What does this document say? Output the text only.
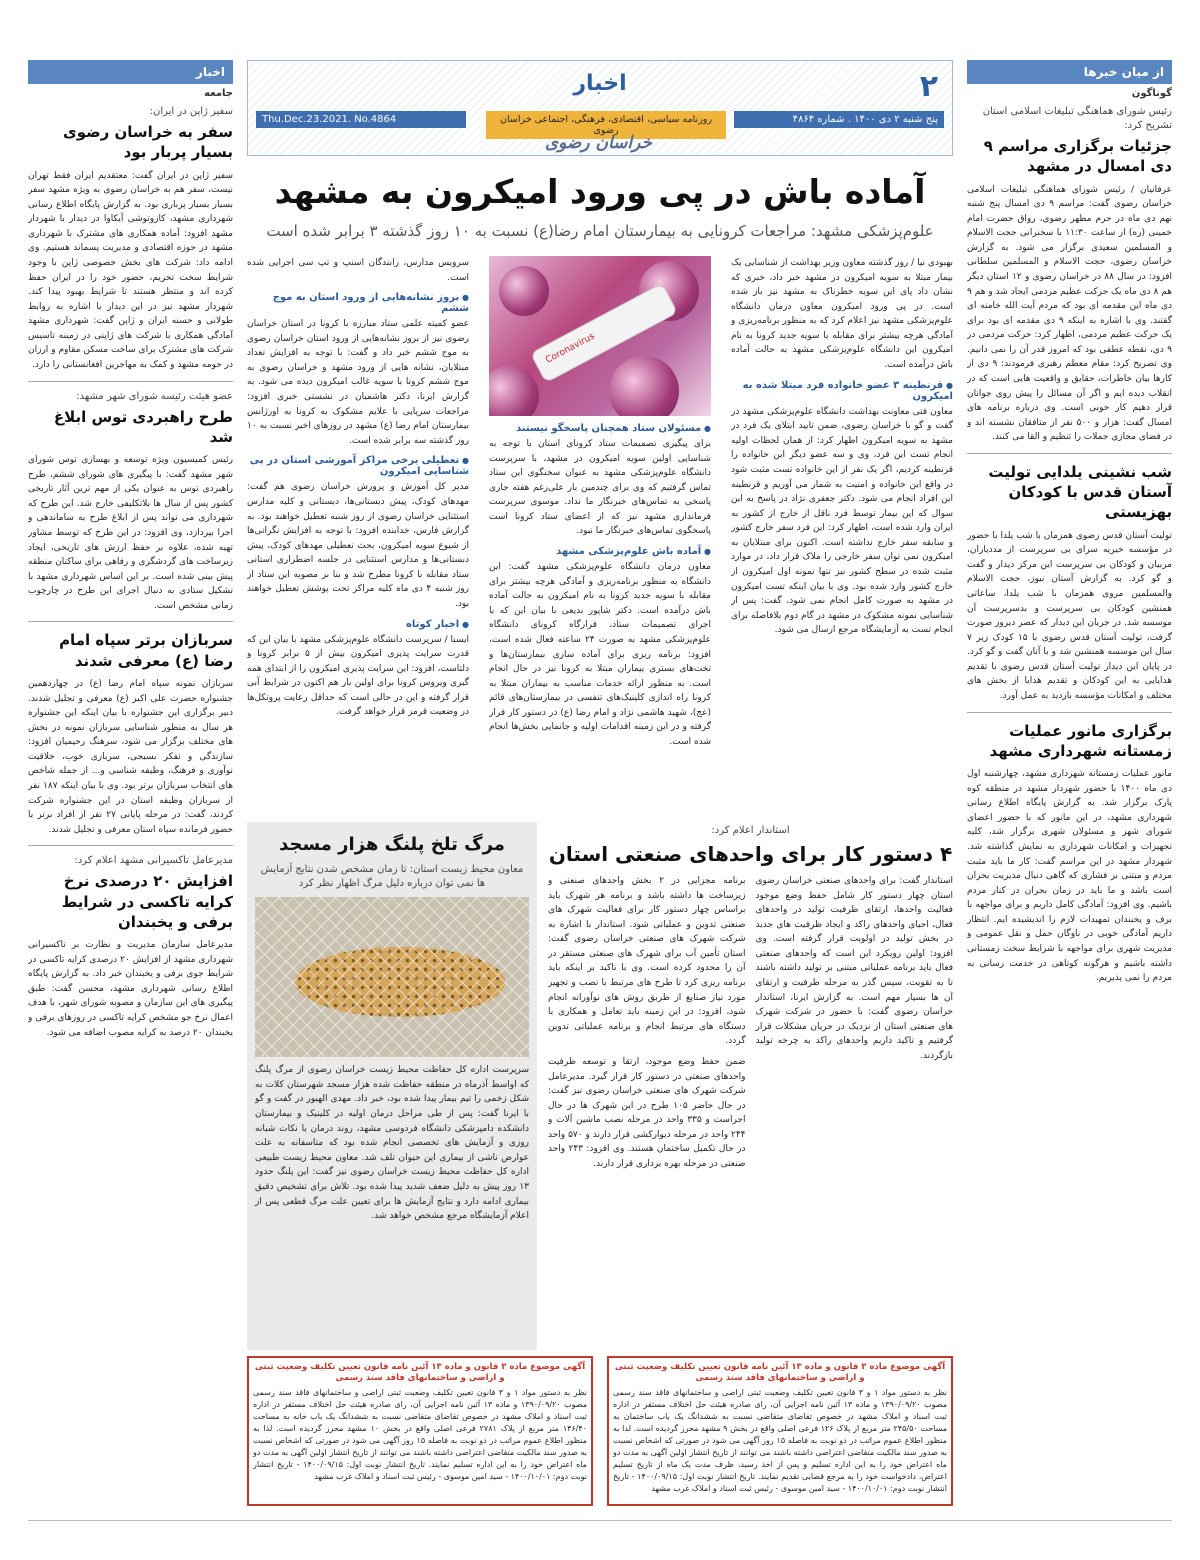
از میان خبرها
گوناگون
رئیس شورای هماهنگی تبلیغات اسلامی استان تشریح کرد:
جزئیات برگزاری مراسم ۹ دی امسال در مشهد
عرفانیان / رئیس شورای هماهنگی تبلیغات اسلامی خراسان رضوی گفت: مراسم ۹ دی امسال پنج شنبه نهم دی ماه در حرم مطهر رضوی، رواق حضرت امام خمینی (ره) از ساعت ۱۱:۳۰ با سخنرانی حجت الاسلام و المسلمین سعیدی برگزار می شود. به گزارش خراسان رضوی، حجت الاسلام و المسلمین سلطانی افزود: در سال ۸۸ در خراسان رضوی و ۱۲ استان دیگر هم ۸ دی ماه یک حرکت عظیم مردمی ایجاد شد و هم ۹ دی ماه این مقدمه ای بود که مردم آیت الله خامنه ای گفتند. وی با اشاره به اینکه ۹ دی مقدمه ای بود برای یک حرکت عظیم مردمی، اظهار کرد: حرکت مردمی در ۹ دی، نقطه عطفی بود که امروز قدر آن را نمی دانیم. وی تصریح کرد: مقام معظم رهبری فرمودند: ۹ دی از کارها بیان خاطرات، حقایق و واقعیت هایی است که در انقلاب دیده ایم و اگر آن مسائل را پیش روی جوانان قرار دهیم کار خوبی است. وی درباره برنامه های امسال گفت: هزار و ۵۰۰ نفر از متافقان نشسته اند و در فضای مجازی جملات را تنظیم و القا می کنند.
شب نشینی یلدایی تولیت آستان قدس با کودکان بهزیستی
تولیت آستان قدس رضوی همزمان با شب یلدا با حضور در مؤسسه خیریه سرای بی سرپرست از مددیاران، مربیان و کودکان بی سرپرست این مرکز دیدار و گفت و گو کرد. به گزارش آستان نیوز، حجت الاسلام والمسلمین مروی همزمان با شب یلدا، ساعاتی همنشین کودکان بی سرپرست و بدسرپرست آن موسسه شد. در جریان این دیدار که عصر دیروز صورت گرفت، تولیت آستان قدس رضوی با ۱۵ کودک زیر ۷ سال این موسسه همنشین شد و با آنان گفت و گو کرد. در پایان این دیدار تولیت آستان قدس رضوی با تقدیم هدایایی به این کودکان و تقدیم هدایا از بخش های مختلف و امکانات مؤسسه بازدید به عمل آورد.
برگزاری مانور عملیات زمستانه شهرداری مشهد
مانور عملیات زمستانه شهرداری مشهد، چهارشنبه اول دی ماه ۱۴۰۰ با حضور شهردار مشهد در منطقه کوه پارک برگزار شد. به گزارش پایگاه اطلاع رسانی شهرداری مشهد، در این مانور که با حضور اعضای شورای شهر و مسئولان شهری برگزار شد، کلیه تجهیزات و امکانات شهرداری به نمایش گذاشته شد. شهردار مشهد در این مراسم گفت: کار ما باید مثبت مردم و مبتنی بر فشاری که گاهی دنبال مدیریت بحران است باشد و ما باید در زمان بحران در کنار مردم باشیم. وی افزود: آمادگی کامل داریم و برای مواجهه با برف و یخبندان تمهیدات لازم را اندیشیده ایم. انتظار داریم آمادگی خوبی در ناوگان حمل و نقل عمومی و مدیریت شهری برای مواجهه با شرایط سخت زمستانی داشته باشیم و هرگونه کوتاهی در خدمت رسانی به مردم را نمی پذیریم.
اخبار
جامعه
سفیر ژاپن در ایران:
سفر به خراسان رضوی بسیار پربار بود
سفیر ژاپن در ایران گفت: معتقدیم ایران فقط تهران نیست، سفر هم به خراسان رضوی به ویژه مشهد سفر بسیار بسیار پرباری بود. به گزارش پایگاه اطلاع رسانی شهرداری مشهد، کازوتوشی آیکاوا در دیدار با شهردار مشهد افزود: آماده همکاری های مشترک با شهرداری مشهد در حوزه اقتصادی و مدیریت پسماند هستیم. وی ادامه داد: شرکت های بخش خصوصی ژاپن با وجود شرایط سخت تحریم، حضور خود را در ایران حفظ کرده اند و منتظر هستند تا شرایط بهبود پیدا کند. شهردار مشهد نیز در این دیدار با اشاره به روابط طولانی و حسنه ایران و ژاپن گفت: شهرداری مشهد آمادگی همکاری با شرکت های ژاپنی در زمینه تاسیس شرکت های مشترک برای ساخت مسکن مقاوم و ارزان در حومه مشهد و کمک به مهاجرین افغانستانی را دارد.
عضو هیئت رئیسه شورای شهر مشهد:
طرح راهبردی توس ابلاغ شد
رئیس کمیسیون ویژه توسعه و بهسازی توس شورای شهر مشهد گفت: با پیگیری های شورای ششم، طرح راهبردی توس به عنوان یکی از مهم ترین آثار تاریخی کشور پس از سال ها بلاتکلیفی خارج شد. این طرح که شهرداری می تواند پس از ابلاغ طرح به ساماندهی و اجرا بپردازد، وی افزود: در این طرح که توسط مشاور تهیه شده، علاوه بر حفظ ارزش های تاریخی، ایجاد زیرساخت های گردشگری و رفاهی برای ساکنان منطقه پیش بینی شده است. بر این اساس شهرداری مشهد با تشکیل ستادی به دنبال اجرای این طرح در چارچوب زمانی مشخص است.
سربازان برتر سپاه امام رضا (ع) معرفی شدند
سربازان نمونه سپاه امام رضا (ع) در چهاردهمین جشنواره حضرت علی اکبر (ع) معرفی و تجلیل شدند. دبیر برگزاری این جشنواره با بیان اینکه این جشنواره هر سال به منظور شناسایی سربازان نمونه در بخش های مختلف برگزار می شود، سرهنگ رحیمیان افزود: سازندگی و تفکر بسیجی، سربازی خوب، خلاقیت نوآوری و فرهنگ، وظیفه شناسی و... از جمله شاخص های انتخاب سربازان برتر بود. وی با بیان اینکه ۱۸۷ نفر از سربازان وظیفه استان در این جشنواره شرکت کردند، گفت: در مرحله پایانی ۲۷ نفر از افراد برتر با حضور فرمانده سپاه استان معرفی و تجلیل شدند.
مدیرعامل تاکسیرانی مشهد اعلام کرد:
افزایش ۲۰ درصدی نرخ کرایه تاکسی در شرایط برفی و یخبندان
مدیرعامل سازمان مدیریت و نظارت بر تاکسیرانی شهرداری مشهد از افزایش ۲۰ درصدی کرایه تاکسی در شرایط جوی برفی و یخبندان خبر داد. به گزارش پایگاه اطلاع رسانی شهرداری مشهد، محسن گفت: طبق پیگیری های این سازمان و مصوبه شورای شهر، با هدف اعمال نرخ جو مشخص کرایه تاکسی در روزهای برفی و یخبندان ۲۰ درصد به کرایه مصوب اضافه می شود.
۲
اخبار
پنج شنبه ۲ دی ۱۴۰۰ . شماره ۴۸۶۴
روزنامه سیاسی، اقتصادی، فرهنگی، اجتماعی خراسان رضوی
Thu.Dec.23.2021. No.4864
خراسان رضوی
آماده باش در پی ورود امیکرون به مشهد
علوم‌پزشکی مشهد: مراجعات کرونایی به بیمارستان امام رضا(ع) نسبت به ۱۰ روز گذشته ۳ برابر شده است
بهبودی نیا / روز گذشته معاون وزیر بهداشت از شناسایی یک بیمار مبتلا به سویه امیکرون در مشهد خبر داد، خبری که نشان داد پای این سویه خطرناک به مشهد نیز باز شده است. در پی ورود امیکرون معاون درمان دانشگاه علوم‌پزشکی مشهد نیز اعلام کرد که به منظور برنامه‌ریزی و آمادگی هرچه بیشتر برای مقابله با سویه جدید کرونا به نام امیکرون این دانشگاه علوم‌پزشکی مشهد به حالت آماده باش درآمده است.
● قرنطینه ۳ عضو خانواده فرد مبتلا شده به امیکرون
معاون فنی معاونت بهداشت دانشگاه علوم‌پزشکی مشهد در گفت و گو با خراسان رضوی، ضمن تایید ابتلای یک فرد در مشهد به سویه امیکرون اظهار کرد: از همان لحظات اولیه انجام تست این فرد، وی و سه عضو دیگر این خانواده را قرنطینه کردیم، اگر یک نفر از این خانواده تست مثبت شود در واقع این خانواده و امنیت به شمار می آوریم و قرنطینه این افراد انجام می شود. دکتر جعفری نژاد در پاسخ به این سوال که این بیمار توسط فرد ناقل از خارج از کشور به ایران وارد شده است، اظهار کرد: این فرد سفر خارج کشور و سابقه سفر خارج نداشته است. اکنون برای مبتلایان به امیکرون نمی توان سفر خارجی را ملاک قرار داد، در موارد مثبت شده در سطح کشور نیز تنها نمونه اول امیکرون از خارج کشور وارد شده بود. وی با بیان اینکه تست امیکرون در مشهد به صورت کامل انجام نمی شود، گفت: پس از شناسایی نمونه مشکوک در مشهد در گام دوم بلافاصله برای انجام تست به آزمایشگاه مرجع ارسال می شود.
Coronavirus
● مسئولان ستاد همچنان پاسخگو نیستند
برای پیگیری تصمیمات ستاد کرونای استان با توجه به شناسایی اولین سویه امیکرون در مشهد، با سرپرست دانشگاه علوم‌پزشکی مشهد به عنوان سخنگوی این ستاد تماس گرفتیم که وی برای چندمین بار علی‌رغم هفته جاری پاسخی به تماس‌های خبرنگار ما نداد. موسوی سرپرست فرمانداری مشهد نیز که از اعضای ستاد کرونا است پاسخگوی تماس‌های خبرنگار ما نبود.
● آماده باش علوم‌پزشکی مشهد
معاون درمان دانشگاه علوم‌پزشکی مشهد گفت: این دانشگاه به منظور برنامه‌ریزی و آمادگی هرچه بیشتر برای مقابله با سویه جدید کرونا به نام امیکرون به حالت آماده باش درآمده است. دکتر شاپور بدیعی با بیان این که با اجرای تصمیمات ستاد، قرارگاه کرونای دانشگاه علوم‌پزشکی مشهد به صورت ۲۴ ساعته فعال شده است، افزود: برنامه ریزی برای آماده سازی بیمارستان‌ها و تخت‌های بستری بیماران مبتلا به کرونا نیز در حال انجام است. به منظور ارائه خدمات مناسب به بیماران مبتلا به کرونا راه اندازی کلینیک‌های تنفسی در بیمارستان‌های قائم (عج)، شهید هاشمی نژاد و امام رضا (ع) در دستور کار قرار گرفته و در این زمینه اقدامات اولیه و جانمایی بخش‌ها انجام شده است.
سرویس مدارس، رانندگان اسنپ و تپ سی اجرایی شده است.
● بروز نشانه‌هایی از ورود استان به موج ششم
عضو کمیته علمی ستاد مبارزه با کرونا در استان خراسان رضوی نیز از بروز نشانه‌هایی از ورود استان خراسان رضوی به موج ششم خبر داد و گفت: با توجه به افزایش تعداد مبتلایان، نشانه هایی از ورود مشهد و خراسان رضوی به موج ششم کرونا با سویه غالب امیکرون دیده می شود. به گزارش ایرنا، دکتر هاشمیان در نشستی خبری افزود: مراجعات سرپایی با علایم مشکوک به کرونا به اورژانس بیمارستان امام رضا (ع) مشهد در روزهای اخیر نسبت به ۱۰ روز گذشته سه برابر شده است.
● تعطیلی برخی مراکز آموزشی استان در پی شناسایی امیکرون
مدیر کل آموزش و پرورش خراسان رضوی هم گفت: مهدهای کودک، پیش دبستانی‌ها، دبستانی و کلیه مدارس استثنایی خراسان رضوی از روز شنبه تعطیل خواهند بود. به گزارش فارس، خدابنده افزود: با توجه به افزایش نگرانی‌ها از شیوع سویه امیکرون، بحث تعطیلی مهدهای کودک، پیش دبستانی‌ها و مدارس استثنایی در جلسه اضطراری استانی ستاد مقابله با کرونا مطرح شد و بنا بر مصوبه این ستاد از روز شنبه ۴ دی ماه کلیه مراکز تحت پوشش تعطیل خواهند بود.
● اخبار کوتاه
ایسنا / سرپرست دانشگاه علوم‌پزشکی مشهد با بیان این که قدرت سرایت پذیری امیکرون بیش از ۵ برابر کرونا و دلتاست، افزود: این سرایت پذیری امیکرون را از ابتدای همه گیری ویروس کرونا برای اولین بار هم اکنون در شرایط آبی قرار گرفته و این در حالی است که حداقل رعایت پروتکل‌ها در وضعیت قرمز قرار خواهد گرفت.
استاندار اعلام کرد:
۴ دستور کار برای واحدهای صنعتی استان
استاندار گفت: برای واحدهای صنعتی خراسان رضوی استان چهار دستور کار شامل حفظ وضع موجود فعالیت واحدها، ارتقای ظرفیت تولید در واحدهای فعال، احیای واحدهای راکد و ایجاد ظرفیت های جدید در بخش تولید در اولویت قرار گرفته است. وی افزود: اولین رویکرد این است که واحدهای صنعتی فعال باید برنامه عملیاتی مبتنی بر تولید داشته باشند تا به تقویت، سپس گذر به مرحله ظرفیت و ارتقای آن ها بسیار مهم است. به گزارش ایرنا، استاندار خراسان رضوی گفت: با حضور در شرکت شهرک های صنعتی استان از نزدیک در جریان مشکلات قرار گرفتیم و تاکید داریم واحدهای راکد به چرخه تولید بازگردند.
برنامه مجزایی در ۲ بخش واحدهای صنعتی و زیرساخت ها داشته باشد و برنامه هر شهرک باید براساس چهار دستور کار برای فعالیت شهرک های صنعتی تدوین و عملیاتی شود. استاندار با اشاره به شرکت شهرک های صنعتی خراسان رضوی گفت: استان تأمین آب برای شهرک های صنعتی مستقر در آن را محدود کرده است. وی با تاکید بر اینکه باید برنامه ریزی کرد تا طرح های مرتبط با نصب و تجهیز مورد نیاز صنایع از طریق روش های نوآورانه انجام شود، افزود: در این زمینه باید تعامل و همکاری با دستگاه های مرتبط انجام و برنامه عملیاتی تدوین گردد.
ضمن حفظ وضع موجود، ارتقا و توسعه ظرفیت واحدهای صنعتی در دستور کار قرار گیرد. مدیرعامل شرکت شهرک های صنعتی خراسان رضوی نیز گفت: در حال حاضر ۱۰۵ طرح در این شهرک ها در حال اجراست و ۳۳۵ واحد در مرحله نصب ماشین آلات و ۲۴۴ واحد در مرحله دیوارکشی قرار دارند و ۵۷۰ واحد در حال تکمیل ساختمان هستند. وی افزود: ۲۴۳ واحد صنعتی در مرحله بهره برداری قرار دارند.
مرگ تلخ پلنگ هزار مسجد
معاون محیط زیست استان: تا زمان مشخص شدن نتایج آزمایش ها نمی توان درباره دلیل مرگ اظهار نظر کرد
سرپرست اداره کل حفاظت محیط زیست خراسان رضوی از مرگ پلنگ که اواسط آذرماه در منطقه حفاظت شده هزار مسجد شهرستان کلات به شکل زخمی را تیم بیمار پیدا شده بود، خبر داد. مهدی الهیور در گفت و گو با ایرنا گفت: پس از طی مراحل درمان اولیه در کلینیک و بیمارستان دانشکده دامپزشکی دانشگاه فردوسی مشهد، روند درمان با نکات شبانه روزی و آزمایش های تخصصی انجام شده بود که متاسفانه به علت عوارض ناشی از بیماری این حیوان تلف شد. معاون محیط زیست طبیعی اداره کل حفاظت محیط زیست خراسان رضوی نیز گفت: این پلنگ حدود ۱۳ روز پیش به دلیل ضعف شدید پیدا شده بود. تلاش برای تشخیص دقیق بیماری ادامه دارد و نتایج آزمایش ها برای تعیین علت مرگ قطعی پس از اعلام آزمایشگاه مرجع مشخص خواهد شد.
آگهی موضوع ماده ۳ قانون و ماده ۱۳ آئین نامه قانون تعیین تکلیف وضعیت ثبتی و اراضی و ساختمانهای فاقد سند رسمی
نظر به دستور مواد ۱ و ۳ قانون تعیین تکلیف وضعیت ثبتی اراضی و ساختمانهای فاقد سند رسمی مصوب ۱۳۹۰/۰۹/۲۰ و ماده ۱۳ آئین نامه اجرایی آن، رای صادره هیئت حل اختلاف مستقر در اداره ثبت اسناد و املاک مشهد در خصوص تقاضای متقاضی نسبت به ششدانگ یک باب ساختمان به مساحت ۲۴۵/۵۰ متر مربع از پلاک ۱۲۶ فرعی اصلی واقع در بخش ۹ مشهد محرز گردیده است. لذا به منظور اطلاع عموم مراتب در دو نوبت به فاصله ۱۵ روز آگهی می شود در صورتی که اشخاص نسبت به صدور سند مالکیت متقاضی اعتراضی داشته باشند می توانند از تاریخ انتشار اولین آگهی به مدت دو ماه اعتراض خود را به این اداره تسلیم و پس از اخذ رسید، ظرف مدت یک ماه از تاریخ تسلیم اعتراض، دادخواست خود را به مرجع قضایی تقدیم نمایند. تاریخ انتشار نوبت اول: ۱۴۰۰/۰۹/۱۵ - تاریخ انتشار نوبت دوم: ۱۴۰۰/۱۰/۰۱ - سید امین موسوی - رئیس ثبت اسناد و املاک غرب مشهد
آگهی موضوع ماده ۳ قانون و ماده ۱۳ آئین نامه قانون تعیین تکلیف وضعیت ثبتی و اراضی و ساختمانهای فاقد سند رسمی
نظر به دستور مواد ۱ و ۳ قانون تعیین تکلیف وضعیت ثبتی اراضی و ساختمانهای فاقد سند رسمی مصوب ۱۳۹۰/۰۹/۲۰ و ماده ۱۳ آئین نامه اجرایی آن، رای صادره هیئت حل اختلاف مستقر در اداره ثبت اسناد و املاک مشهد در خصوص تقاضای متقاضی نسبت به ششدانگ یک باب خانه به مساحت ۱۴۶/۴۰ متر مربع از پلاک ۲۷۸۱ فرعی اصلی واقع در بخش ۱۰ مشهد محرز گردیده است. لذا به منظور اطلاع عموم مراتب در دو نوبت به فاصله ۱۵ روز آگهی می شود در صورتی که اشخاص نسبت به صدور سند مالکیت متقاضی اعتراضی داشته باشند می توانند از تاریخ انتشار اولین آگهی به مدت دو ماه اعتراض خود را به این اداره تسلیم نمایند. تاریخ انتشار نوبت اول: ۱۴۰۰/۰۹/۱۵ - تاریخ انتشار نوبت دوم: ۱۴۰۰/۱۰/۰۱ - سید امین موسوی - رئیس ثبت اسناد و املاک غرب مشهد
